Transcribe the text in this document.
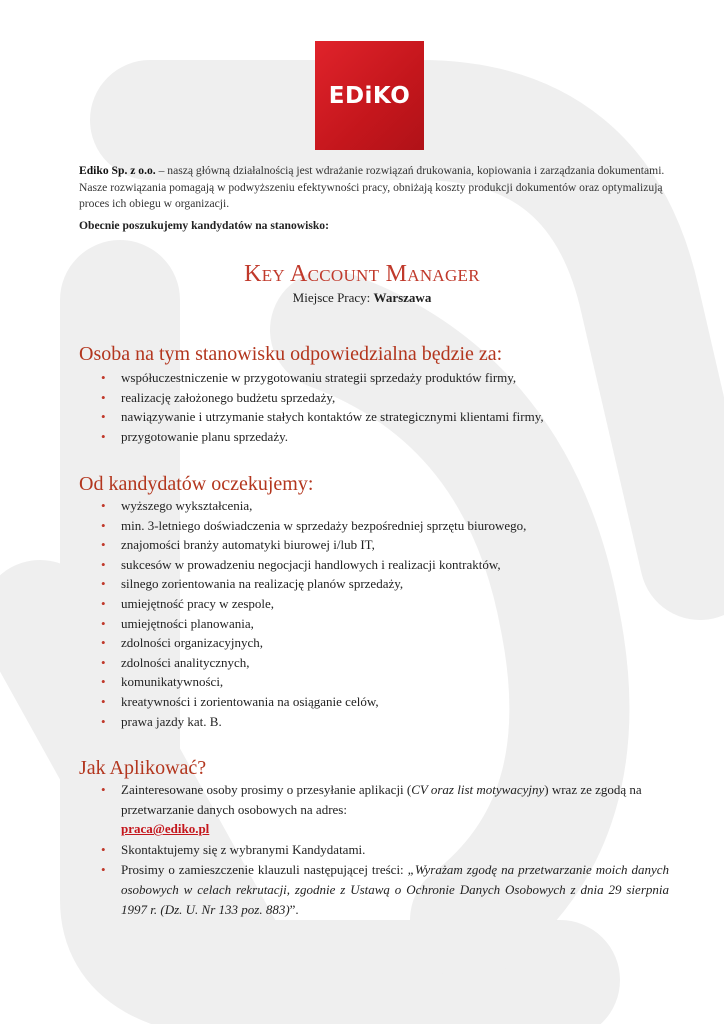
EDiKO
Ediko Sp. z o.o. – naszą główną działalnością jest wdrażanie rozwiązań drukowania, kopiowania i zarządzania dokumentami. Nasze rozwiązania pomagają w podwyższeniu efektywności pracy, obniżają koszty produkcji dokumentów oraz optymalizują proces ich obiegu w organizacji.
Obecnie poszukujemy kandydatów na stanowisko:
Key Account Manager
Miejsce Pracy: Warszawa
Osoba na tym stanowisku odpowiedzialna będzie za:
• współuczestniczenie w przygotowaniu strategii sprzedaży produktów firmy,
• realizację założonego budżetu sprzedaży,
• nawiązywanie i utrzymanie stałych kontaktów ze strategicznymi klientami firmy,
• przygotowanie planu sprzedaży.
Od kandydatów oczekujemy:
• wyższego wykształcenia,
• min. 3-letniego doświadczenia w sprzedaży bezpośredniej sprzętu biurowego,
• znajomości branży automatyki biurowej i/lub IT,
• sukcesów w prowadzeniu negocjacji handlowych i realizacji kontraktów,
• silnego zorientowania na realizację planów sprzedaży,
• umiejętność pracy w zespole,
• umiejętności planowania,
• zdolności organizacyjnych,
• zdolności analitycznych,
• komunikatywności,
• kreatywności i zorientowania na osiąganie celów,
• prawa jazdy kat. B.
Jak Aplikować?
• Zainteresowane osoby prosimy o przesyłanie aplikacji (CV oraz list motywacyjny) wraz ze zgodą na przetwarzanie danych osobowych na adres:
praca@ediko.pl
• Skontaktujemy się z wybranymi Kandydatami.
• Prosimy o zamieszczenie klauzuli następującej treści: „Wyrażam zgodę na przetwarzanie moich danych osobowych w celach rekrutacji, zgodnie z Ustawą o Ochronie Danych Osobowych z dnia 29 sierpnia 1997 r. (Dz. U. Nr 133 poz. 883)”.
